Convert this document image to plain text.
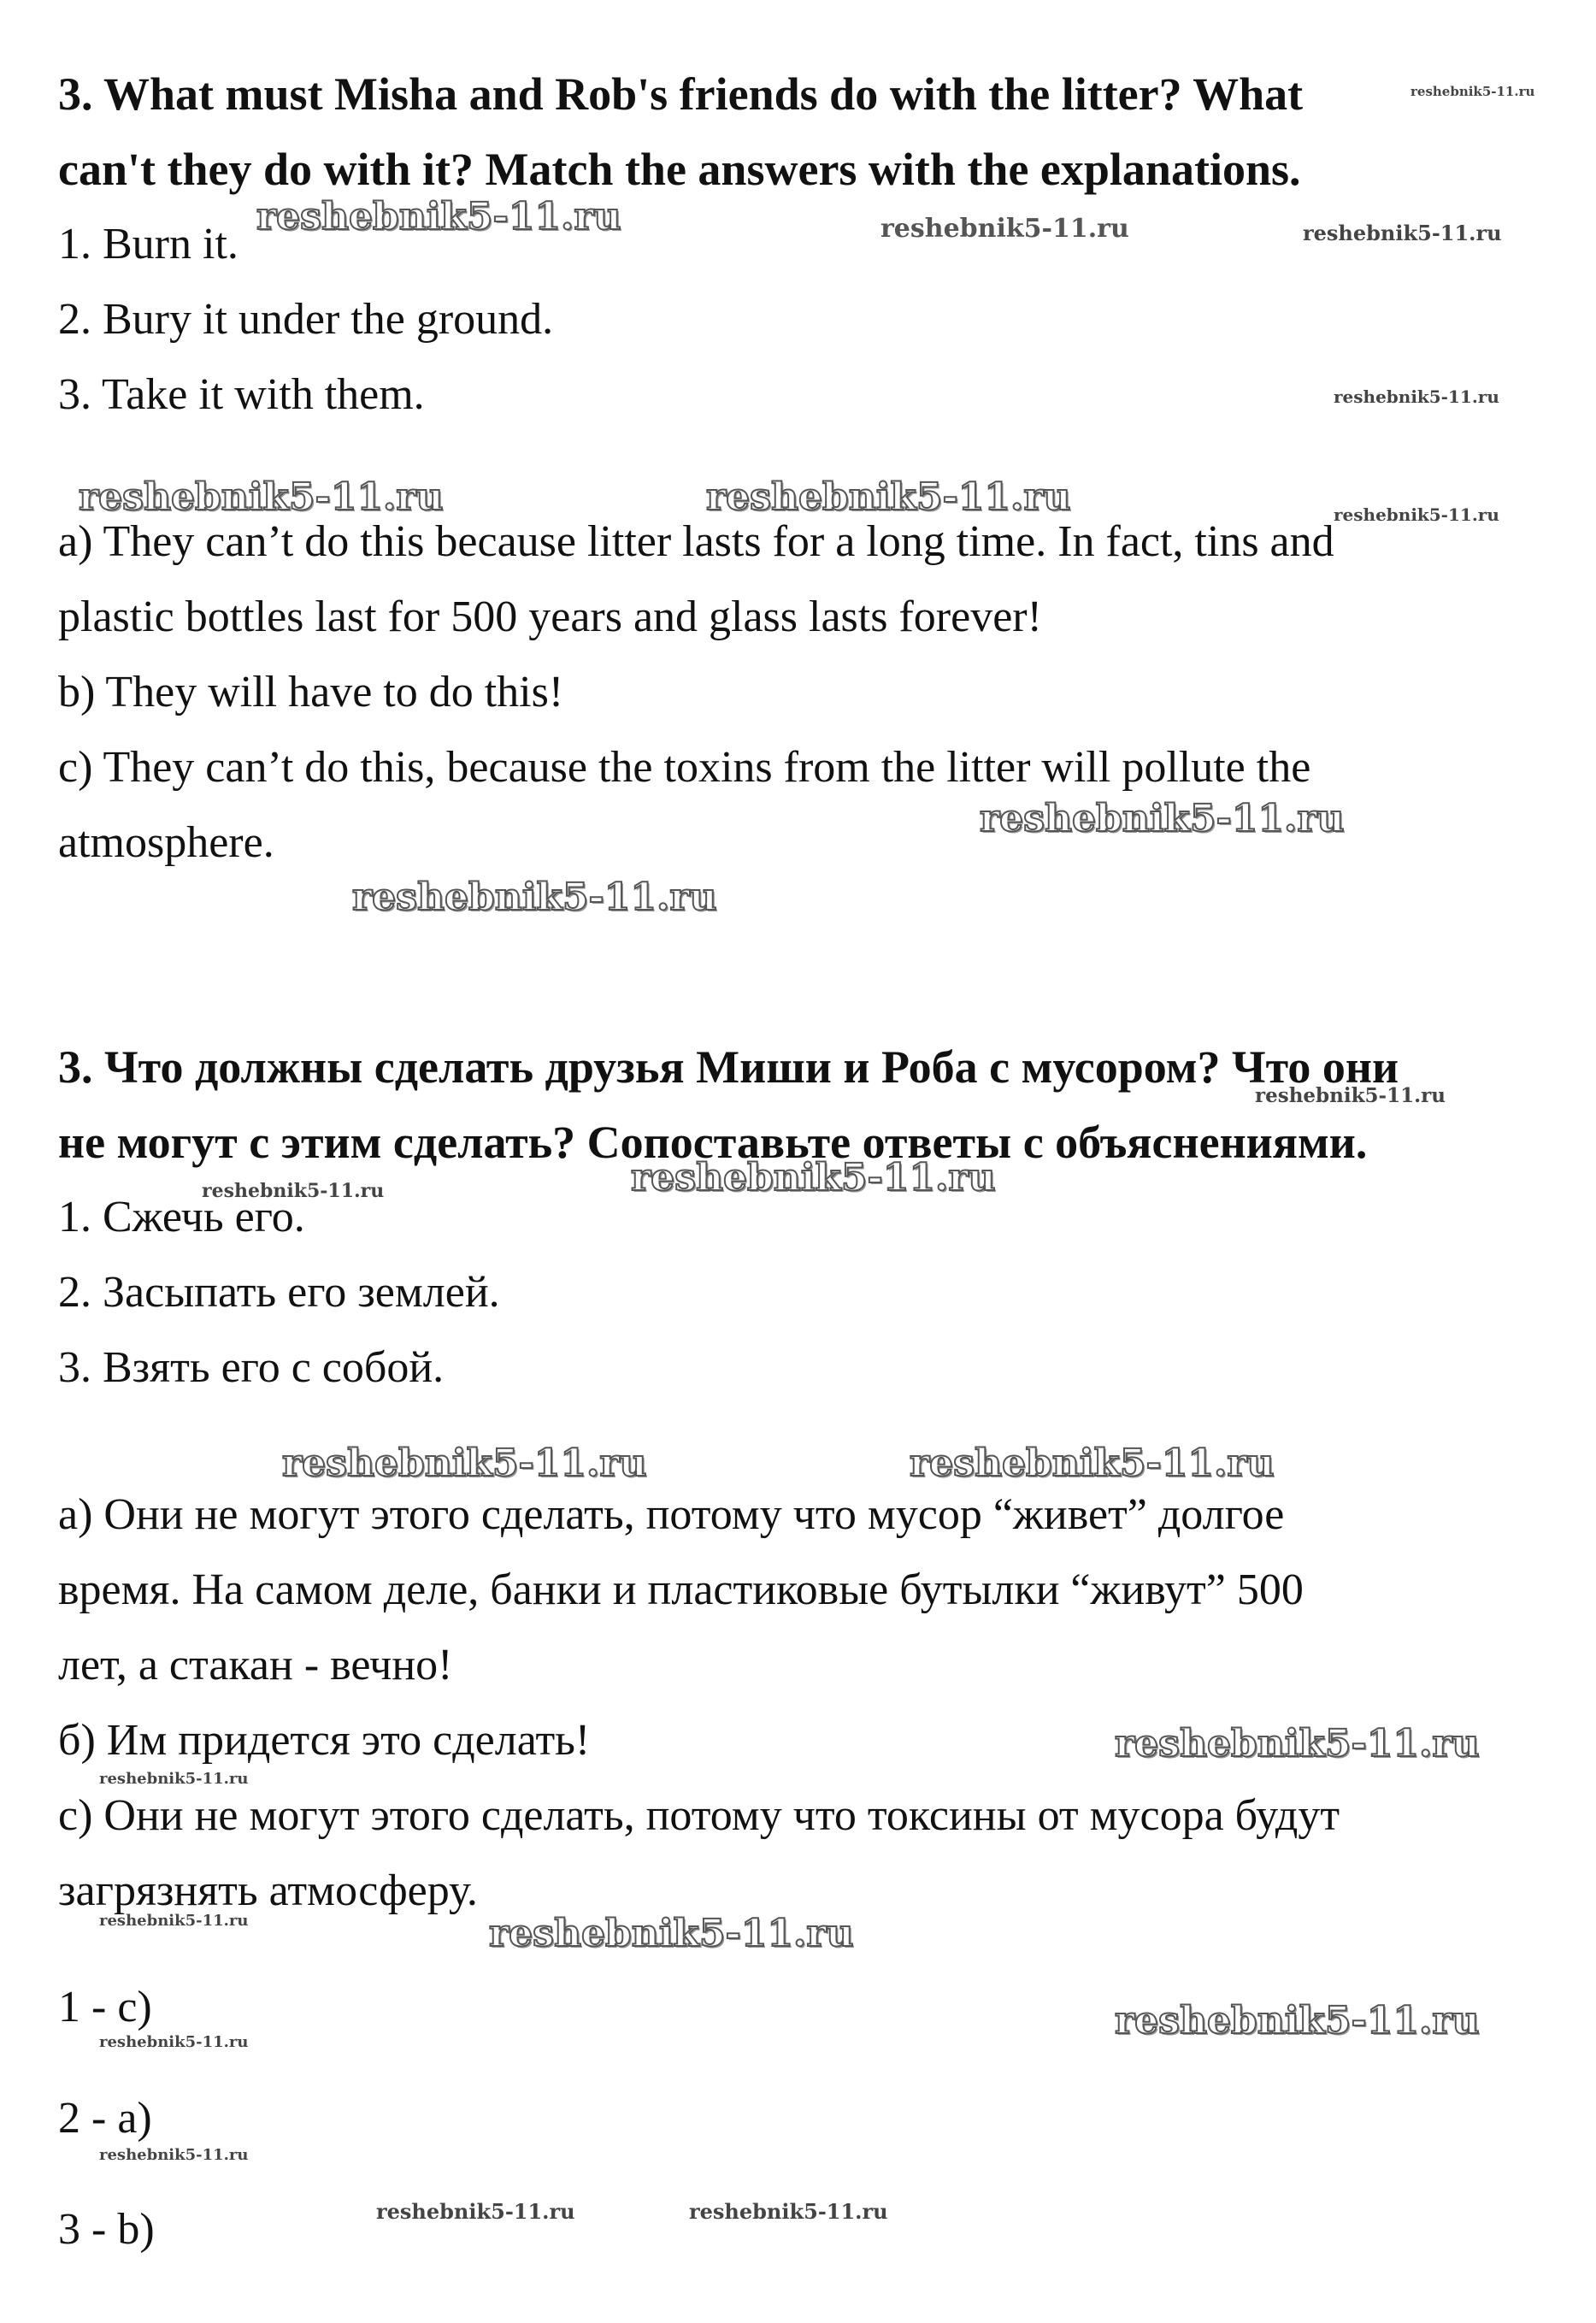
3. What must Misha and Rob's friends do with the litter? What
can't they do with it? Match the answers with the explanations.
1. Burn it.
2. Bury it under the ground.
3. Take it with them.
a) They can’t do this because litter lasts for a long time. In fact, tins and
plastic bottles last for 500 years and glass lasts forever!
b) They will have to do this!
c) They can’t do this, because the toxins from the litter will pollute the
atmosphere.
3. Что должны сделать друзья Миши и Роба с мусором? Что они
не могут с этим сделать? Сопоставьте ответы с объяснениями.
1. Сжечь его.
2. Засыпать его землей.
3. Взять его с собой.
а) Они не могут этого сделать, потому что мусор “живет” долгое
время. На самом деле, банки и пластиковые бутылки “живут” 500
лет, а стакан - вечно!
б) Им придется это сделать!
с) Они не могут этого сделать, потому что токсины от мусора будут
загрязнять атмосферу.
1 - c)
2 - a)
3 - b)
reshebnik5-11.ru
reshebnik5-11.ru	reshebnik5-11.ru	reshebnik5-11.ru
reshebnik5-11.ru
reshebnik5-11.ru	reshebnik5-11.ru	reshebnik5-11.ru
reshebnik5-11.ru
reshebnik5-11.ru
reshebnik5-11.ru
reshebnik5-11.ru
reshebnik5-11.ru
reshebnik5-11.ru	reshebnik5-11.ru
reshebnik5-11.ru
reshebnik5-11.ru
reshebnik5-11.ru	reshebnik5-11.ru
reshebnik5-11.ru
reshebnik5-11.ru
reshebnik5-11.ru
reshebnik5-11.ru	reshebnik5-11.ru
